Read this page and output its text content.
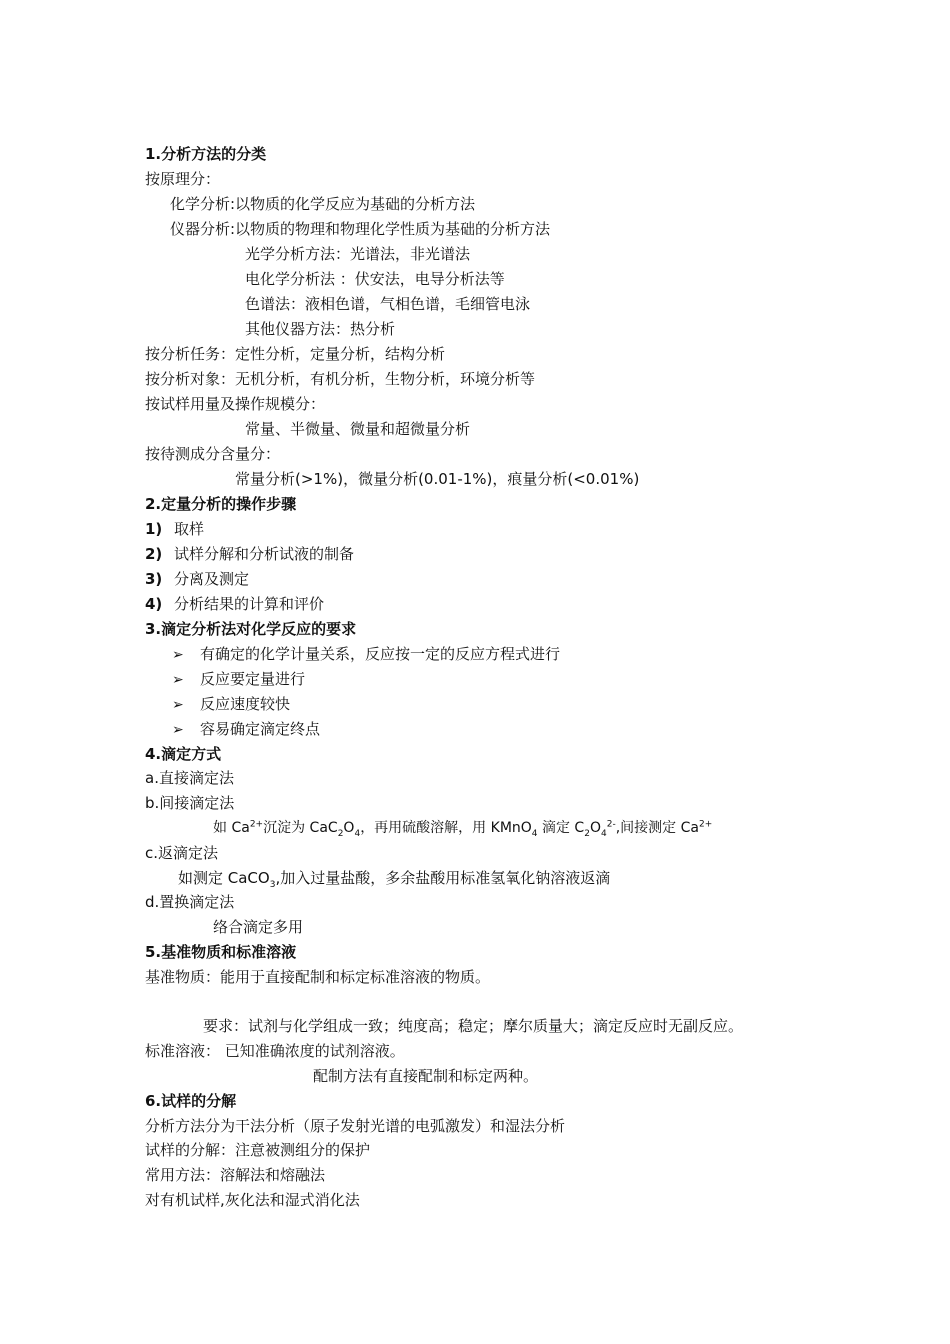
1.分析方法的分类
按原理分：
化学分析:以物质的化学反应为基础的分析方法
仪器分析:以物质的物理和物理化学性质为基础的分析方法
光学分析方法：光谱法，非光谱法
电化学分析法 ：伏安法，电导分析法等
色谱法：液相色谱，气相色谱，毛细管电泳
其他仪器方法：热分析
按分析任务：定性分析，定量分析，结构分析
按分析对象：无机分析，有机分析，生物分析，环境分析等
按试样用量及操作规模分：
常量、半微量、微量和超微量分析
按待测成分含量分：
常量分析(>1%)，微量分析(0.01-1%)，痕量分析(<0.01%)
2.定量分析的操作步骤
1) 取样
2) 试样分解和分析试液的制备
3) 分离及测定
4) 分析结果的计算和评价
3.滴定分析法对化学反应的要求
➢ 有确定的化学计量关系，反应按一定的反应方程式进行
➢ 反应要定量进行
➢ 反应速度较快
➢ 容易确定滴定终点
4.滴定方式
a.直接滴定法
b.间接滴定法
如 $Ca^{2+}$沉淀为 $CaC_2O_4$，再用硫酸溶解，用 KMnO$_4$ 滴定 $C_2O_4^{2-}$,间接测定 $Ca^{2+}$
c.返滴定法
如测定 CaCO$_3$,加入过量盐酸，多余盐酸用标准氢氧化钠溶液返滴
d.置换滴定法
络合滴定多用
5.基准物质和标准溶液
基准物质：能用于直接配制和标定标准溶液的物质。
要求：试剂与化学组成一致；纯度高；稳定；摩尔质量大；滴定反应时无副反应。
标准溶液： 已知准确浓度的试剂溶液。
配制方法有直接配制和标定两种。
6.试样的分解
分析方法分为干法分析（原子发射光谱的电弧激发）和湿法分析
试样的分解：注意被测组分的保护
常用方法：溶解法和熔融法
对有机试样,灰化法和湿式消化法
